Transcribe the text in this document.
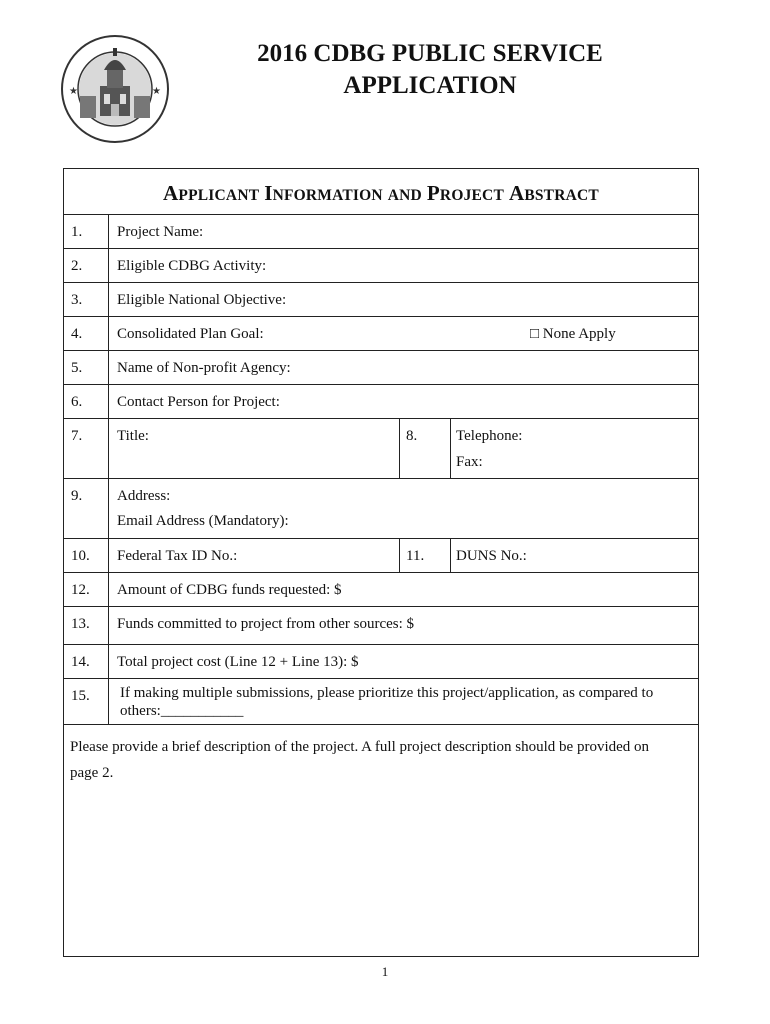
★	★
2016 CDBG PUBLIC SERVICE
APPLICATION
APPLICANT INFORMATION AND PROJECT ABSTRACT
1.	Project Name:
2.	Eligible CDBG Activity:
3.	Eligible National Objective:
4.	Consolidated Plan Goal:	□ None Apply
5.	Name of Non-profit Agency:
6.	Contact Person for Project:
7.	Title:	8.	Telephone:
Fax:
9.	Address:
Email Address (Mandatory):
10.	Federal Tax ID No.:	11.	DUNS No.:
12.	Amount of CDBG funds requested: $
13.	Funds committed to project from other sources: $
14.	Total project cost (Line 12 + Line 13): $
15.	If making multiple submissions, please prioritize this project/application, as compared to others:___________
Please provide a brief description of the project. A full project description should be provided on
page 2.
1
